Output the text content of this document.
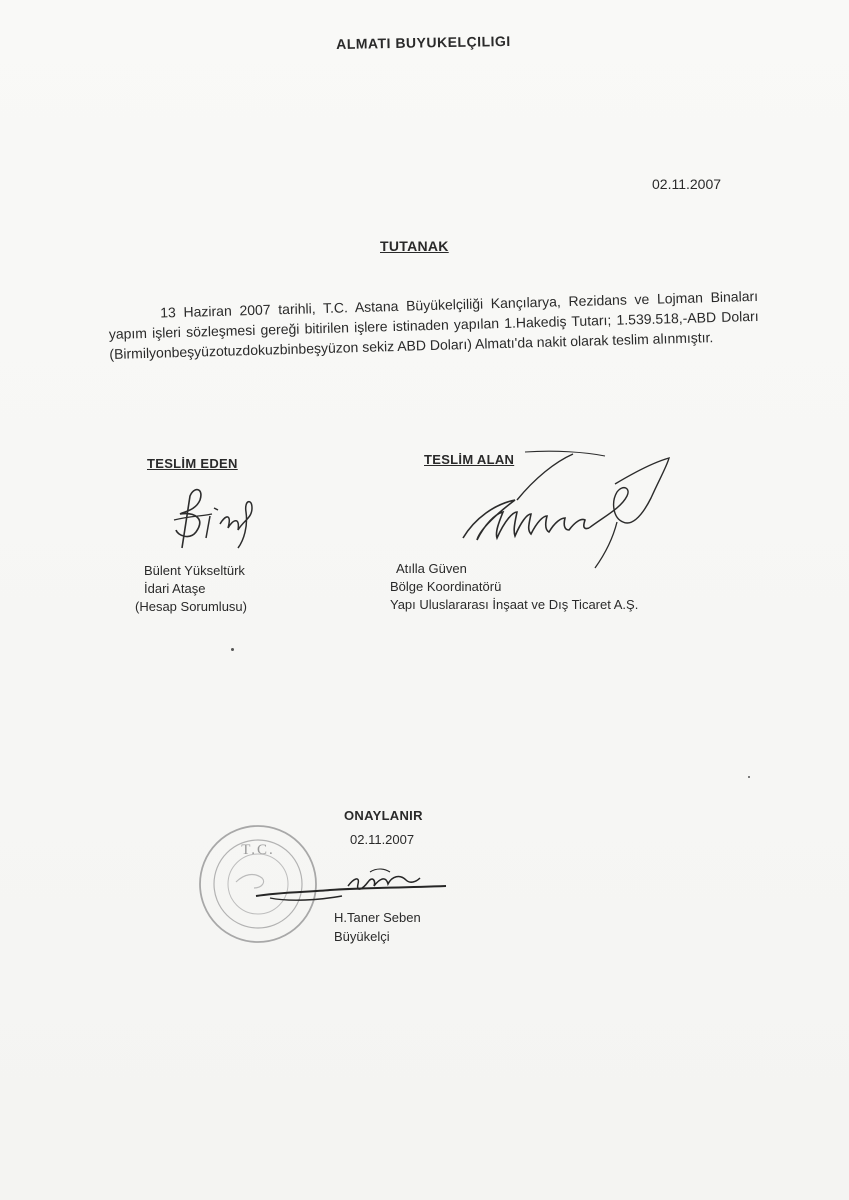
ALMATI BUYUKELÇILIGI
02.11.2007
TUTANAK

13 Haziran 2007 tarihli, T.C. Astana Büyükelçiliği Kançılarya, Rezidans ve Lojman Binaları yapım işleri sözleşmesi gereği bitirilen işlere istinaden yapılan 1.Hakediş Tutarı; 1.539.518,-ABD Doları (Birmilyonbeşyüzotuzdokuzbinbeşyüzon sekiz ABD Doları) Almatı'da nakit olarak teslim alınmıştır.

TESLİM EDEN
Bülent Yükseltürk
İdari Ataşe
(Hesap Sorumlusu)
TESLİM ALAN
Atılla Güven
Bölge Koordinatörü
Yapı Uluslararası İnşaat ve Dış Ticaret A.Ş.
ONAYLANIR
02.11.2007
T.C.
H.Taner Seben
Büyükelçi
